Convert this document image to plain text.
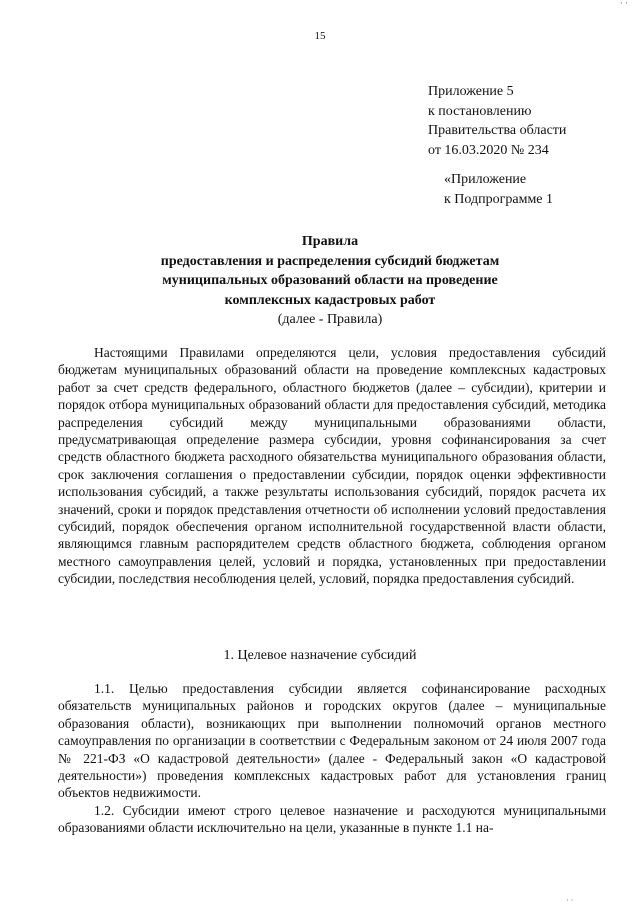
· ·
15
Приложение 5
к постановлению
Правительства области
от 16.03.2020 № 234
«Приложение
к Подпрограмме 1
Правила
предоставления и распределения субсидий бюджетам
муниципальных образований области на проведение
комплексных кадастровых работ
(далее - Правила)

Настоящими Правилами определяются цели, условия предоставления субсидий бюджетам муниципальных образований области на проведение комплексных кадастровых работ за счет средств федерального, областного бюджетов (далее – субсидии), критерии и порядок отбора муниципальных образований области для предоставления субсидий, методика распределения субсидий между муниципальными образованиями области, предусматривающая определение размера субсидии, уровня софинансирования за счет средств областного бюджета расходного обязательства муниципального образования области, срок заключения соглашения о предоставлении субсидии, порядок оценки эффективности использования субсидий, а также результаты использования субсидий, порядок расчета их значений, сроки и порядок представления отчетности об исполнении условий предоставления субсидий, порядок обеспечения органом исполнительной государственной власти области, являющимся главным распорядителем средств областного бюджета, соблюдения органом местного самоуправления целей, условий и порядка, установленных при предоставлении субсидии, последствия несоблюдения целей, условий, порядка предоставления субсидий.

1. Целевое назначение субсидий

1.1. Целью предоставления субсидии является софинансирование расходных обязательств муниципальных районов и городских округов (далее – муниципальные образования области), возникающих при выполнении полномочий органов местного самоуправления по организации в соответствии с Федеральным законом от 24 июля 2007 года № 221-ФЗ «О кадастровой деятельности» (далее - Федеральный закон «О кадастровой деятельности») проведения комплексных кадастровых работ для установления границ объектов недвижимости.

1.2. Субсидии имеют строго целевое назначение и расходуются муниципальными образованиями области исключительно на цели, указанные в пункте 1.1 на-

· ·
